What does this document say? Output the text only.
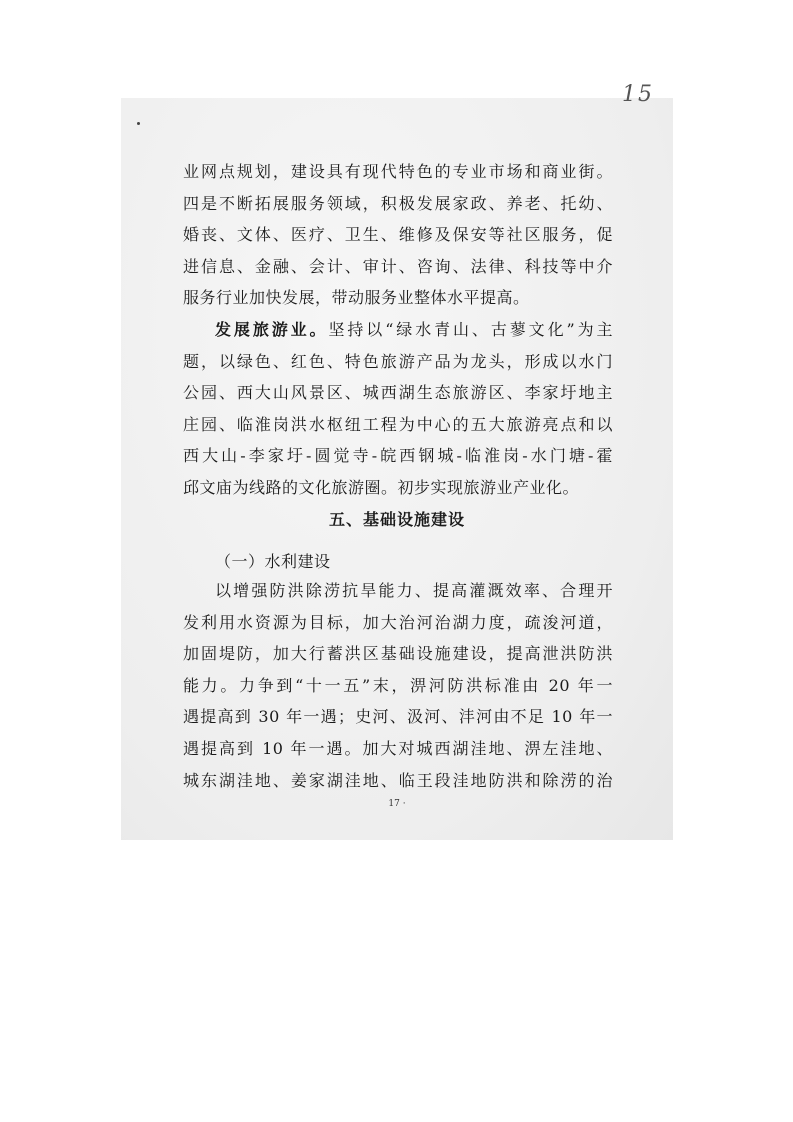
15
业网点规划，建设具有现代特色的专业市场和商业街。
四是不断拓展服务领域，积极发展家政、养老、托幼、
婚丧、文体、医疗、卫生、维修及保安等社区服务，促
进信息、金融、会计、审计、咨询、法律、科技等中介
服务行业加快发展，带动服务业整体水平提高。
发展旅游业。坚持以“绿水青山、古蓼文化”为主
题，以绿色、红色、特色旅游产品为龙头，形成以水门
公园、西大山风景区、城西湖生态旅游区、李家圩地主
庄园、临淮岗洪水枢纽工程为中心的五大旅游亮点和以
西大山-李家圩-圆觉寺-皖西钢城-临淮岗-水门塘-霍
邱文庙为线路的文化旅游圈。初步实现旅游业产业化。
五、基础设施建设
（一）水利建设
以增强防洪除涝抗旱能力、提高灌溉效率、合理开
发利用水资源为目标，加大治河治湖力度，疏浚河道，
加固堤防，加大行蓄洪区基础设施建设，提高泄洪防洪
能力。力争到“十一五”末，淠河防洪标准由 20 年一
遇提高到 30 年一遇；史河、汲河、沣河由不足 10 年一
遇提高到 10 年一遇。加大对城西湖洼地、淠左洼地、
城东湖洼地、姜家湖洼地、临王段洼地防洪和除涝的治
17 ·
